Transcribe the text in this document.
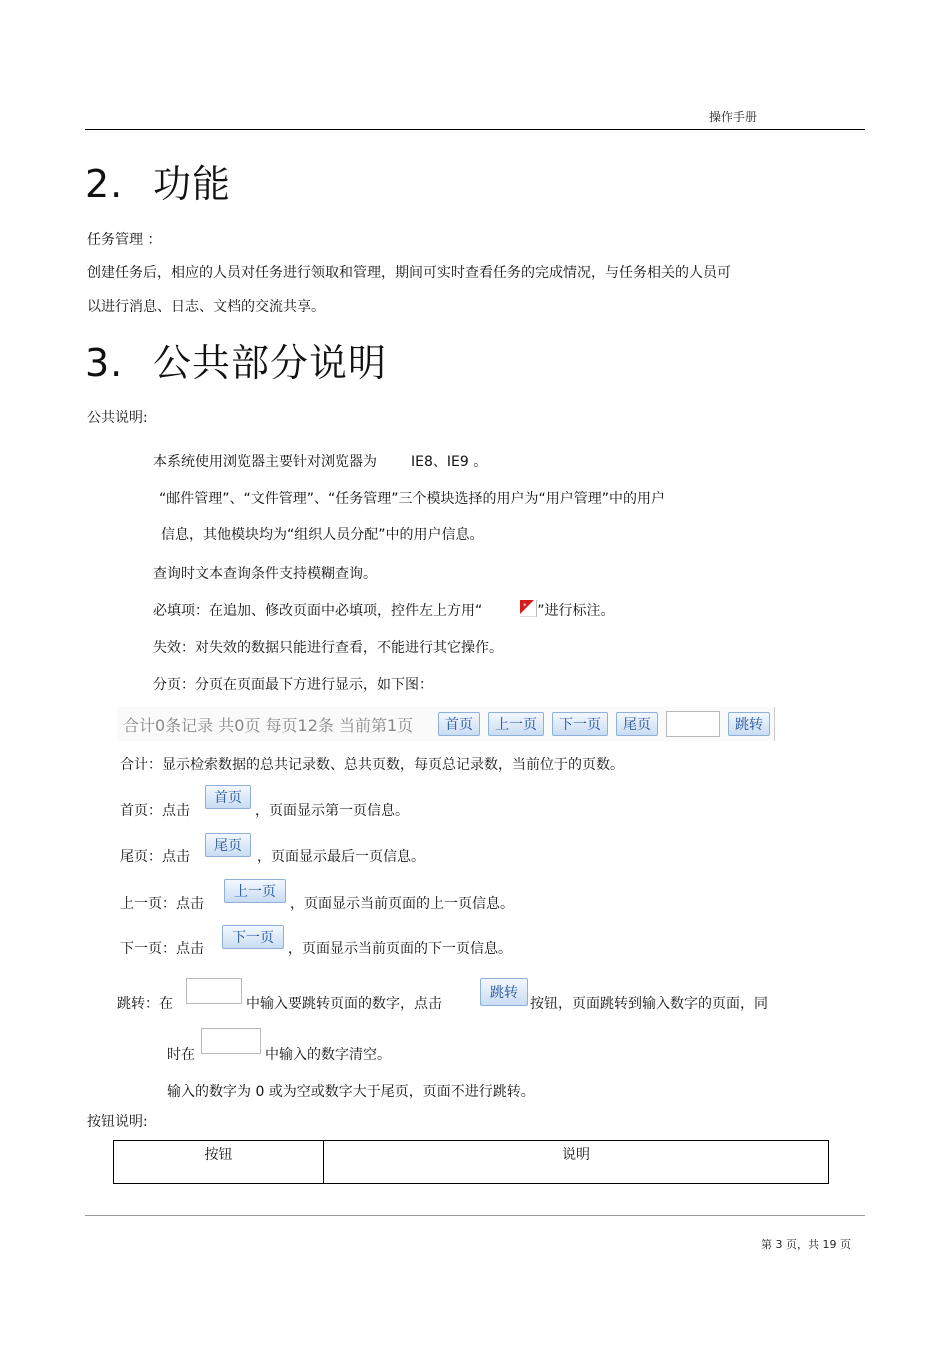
操作手册
2. 功能
任务管理 ：
创建任务后，相应的人员对任务进行领取和管理，期间可实时查看任务的完成情况，与任务相关的人员可
以进行消息、日志、文档的交流共享。
3. 公共部分说明
公共说明:
本系统使用浏览器主要针对浏览器为 IE8、IE9 。
“邮件管理”、“文件管理”、“任务管理”三个模块选择的用户为“用户管理”中的用户
信息，其他模块均为“组织人员分配”中的用户信息。
查询时文本查询条件支持模糊查询。
必填项：在追加、修改页面中必填项，控件左上方用“	* ”进行标注。
失效：对失效的数据只能进行查看，不能进行其它操作。
分页：分页在页面最下方进行显示，如下图：
合计0条记录 共0页 每页12条 当前第1页	首页	上一页	下一页	尾页	跳转
合计：显示检索数据的总共记录数、总共页数，每页总记录数，当前位于的页数。
首页：点击
首页
，页面显示第一页信息。
尾页：点击
尾页
，页面显示最后一页信息。
上一页：点击
上一页
，页面显示当前页面的上一页信息。
下一页：点击
下一页
，页面显示当前页面的下一页信息。
跳转：在	中输入要跳转页面的数字，点击
跳转
按钮，页面跳转到输入数字的页面，同
时在	中输入的数字清空。
输入的数字为 0 或为空或数字大于尾页，页面不进行跳转。
按钮说明:
按钮	说明
第 3 页，共 19 页
